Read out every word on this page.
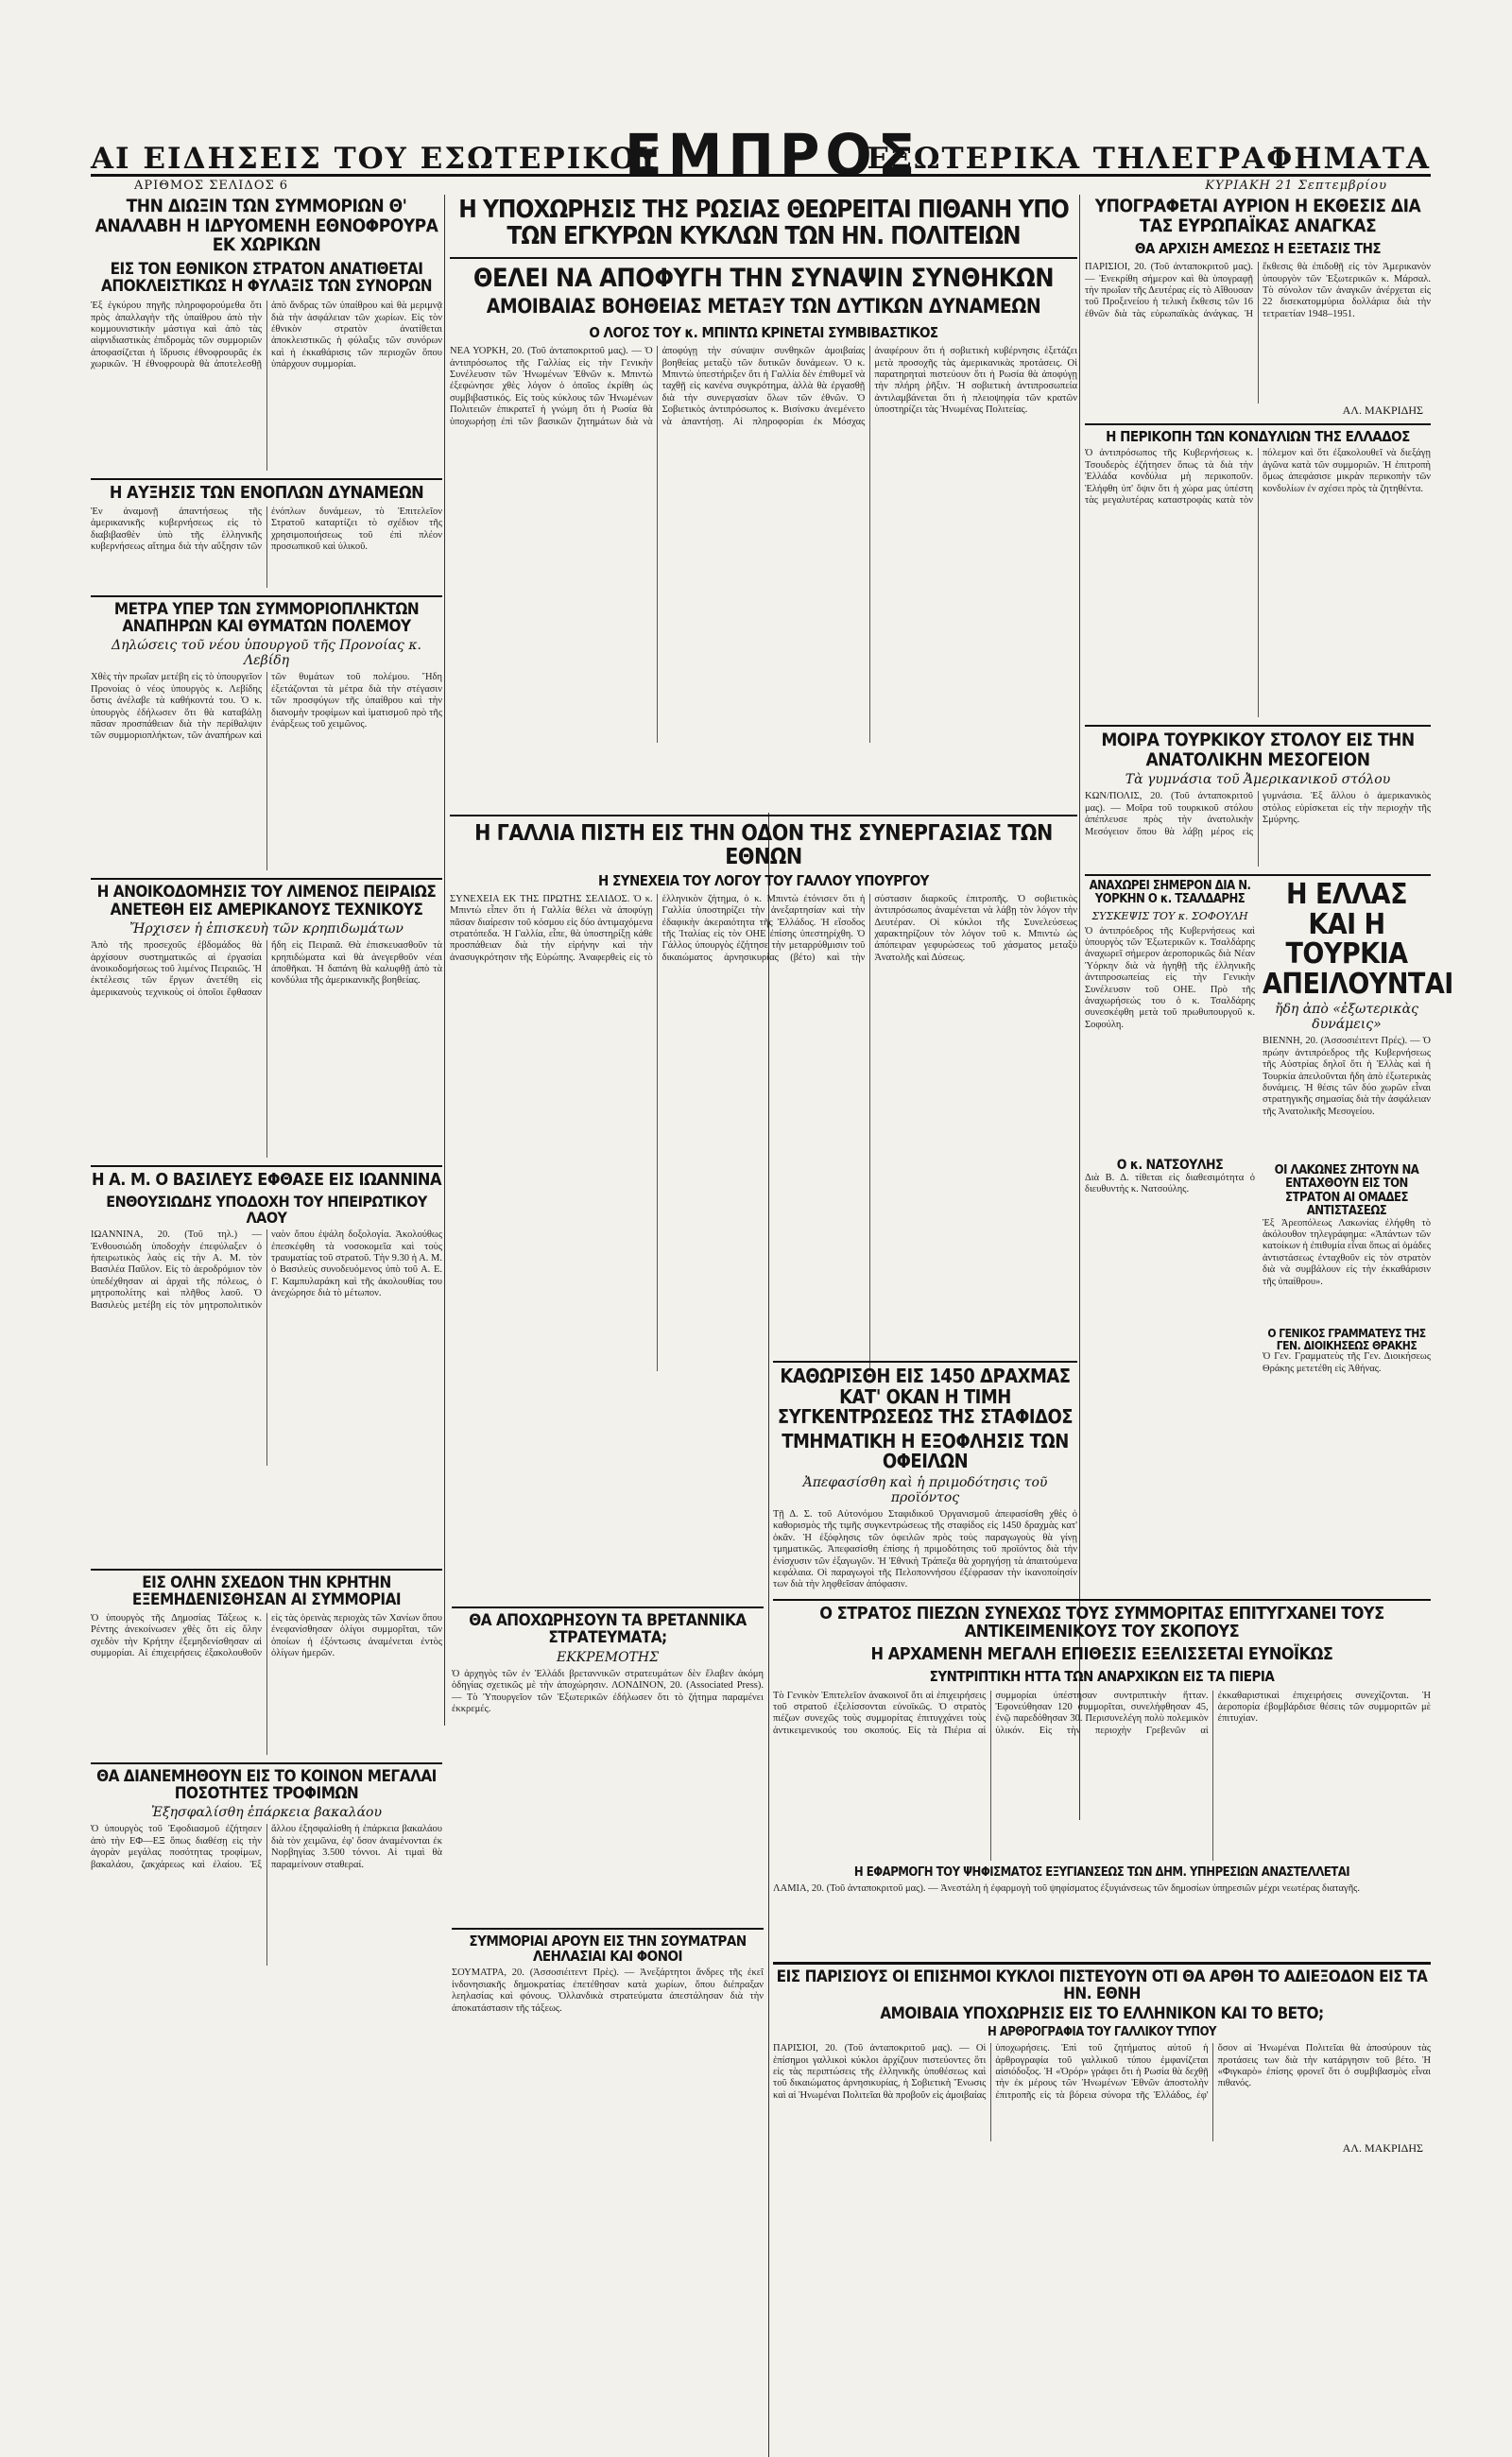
ΑΙ ΕΙΔΗΣΕΙΣ ΤΟΥ ΕΣΩΤΕΡΙΚΟΥ
ΕΜΠΡΟΣ
ΕΞΩΤΕΡΙΚΑ ΤΗΛΕΓΡΑΦΗΜΑΤΑ
ΑΡΙΘΜΟΣ ΣΕΛΙΔΟΣ 6	ΚΥΡΙΑΚΗ 21 Σεπτεμβρίου
ΤΗΝ ΔΙΩΞΙΝ ΤΩΝ ΣΥΜΜΟΡΙΩΝ Θ' ΑΝΑΛΑΒΗ Η ΙΔΡΥΟΜΕΝΗ ΕΘΝΟΦΡΟΥΡΑ ΕΚ ΧΩΡΙΚΩΝ
ΕΙΣ ΤΟΝ ΕΘΝΙΚΟΝ ΣΤΡΑΤΟΝ ΑΝΑΤΙΘΕΤΑΙ ΑΠΟΚΛΕΙΣΤΙΚΩΣ Η ΦΥΛΑΞΙΣ ΤΩΝ ΣΥΝΟΡΩΝ
Ἐξ ἐγκύρου πηγῆς πληροφορούμεθα ὅτι πρὸς ἀπαλλαγὴν τῆς ὑπαίθρου ἀπὸ τὴν κομμουνιστικὴν μάστιγα καὶ ἀπὸ τὰς αἱφνιδιαστικὰς ἐπιδρομὰς τῶν συμμοριῶν ἀποφασίζεται ἡ ἵδρυσις ἐθνοφρουρᾶς ἐκ χωρικῶν. Ἡ ἐθνοφρουρὰ θὰ ἀποτελεσθῇ ἀπὸ ἄνδρας τῶν ὑπαίθρου καὶ θὰ μεριμνᾷ διὰ τὴν ἀσφάλειαν τῶν χωρίων. Εἰς τὸν ἐθνικὸν στρατὸν ἀνατίθεται ἀποκλειστικῶς ἡ φύλαξις τῶν συνόρων καὶ ἡ ἐκκαθάρισις τῶν περιοχῶν ὅπου ὑπάρχουν συμμορίαι.
Η ΑΥΞΗΣΙΣ ΤΩΝ ΕΝΟΠΛΩΝ ΔΥΝΑΜΕΩΝ
Ἐν ἀναμονῇ ἀπαντήσεως τῆς ἀμερικανικῆς κυβερνήσεως εἰς τὸ διαβιβασθὲν ὑπὸ τῆς ἑλληνικῆς κυβερνήσεως αἴτημα διὰ τὴν αὔξησιν τῶν ἐνόπλων δυνάμεων, τὸ Ἐπιτελεῖον Στρατοῦ καταρτίζει τὸ σχέδιον τῆς χρησιμοποιήσεως τοῦ ἐπὶ πλέον προσωπικοῦ καὶ ὑλικοῦ.
ΜΕΤΡΑ ΥΠΕΡ ΤΩΝ ΣΥΜΜΟΡΙΟΠΛΗΚΤΩΝ ΑΝΑΠΗΡΩΝ ΚΑΙ ΘΥΜΑΤΩΝ ΠΟΛΕΜΟΥ
Δηλώσεις τοῦ νέου ὑπουργοῦ τῆς Προνοίας κ. Λεβίδη
Χθὲς τὴν πρωΐαν μετέβη εἰς τὸ ὑπουργεῖον Προνοίας ὁ νέος ὑπουργὸς κ. Λεβίδης ὅστις ἀνέλαβε τὰ καθήκοντά του. Ὁ κ. ὑπουργὸς ἐδήλωσεν ὅτι θὰ καταβάλῃ πᾶσαν προσπάθειαν διὰ τὴν περίθαλψιν τῶν συμμοριοπλήκτων, τῶν ἀναπήρων καὶ τῶν θυμάτων τοῦ πολέμου. Ἤδη ἐξετάζονται τὰ μέτρα διὰ τὴν στέγασιν τῶν προσφύγων τῆς ὑπαίθρου καὶ τὴν διανομὴν τροφίμων καὶ ἱματισμοῦ πρὸ τῆς ἐνάρξεως τοῦ χειμῶνος.
Η ΑΝΟΙΚΟΔΟΜΗΣΙΣ ΤΟΥ ΛΙΜΕΝΟΣ ΠΕΙΡΑΙΩΣ ΑΝΕΤΕΘΗ ΕΙΣ ΑΜΕΡΙΚΑΝΟΥΣ ΤΕΧΝΙΚΟΥΣ
Ἤρχισεν ἡ ἐπισκευὴ τῶν κρηπιδωμάτων
Ἀπὸ τῆς προσεχοῦς ἑβδομάδος θὰ ἀρχίσουν συστηματικῶς αἱ ἐργασίαι ἀνοικοδομήσεως τοῦ λιμένος Πειραιῶς. Ἡ ἐκτέλεσις τῶν ἔργων ἀνετέθη εἰς ἀμερικανοὺς τεχνικοὺς οἱ ὁποῖοι ἔφθασαν ἤδη εἰς Πειραιᾶ. Θὰ ἐπισκευασθοῦν τὰ κρηπιδώματα καὶ θὰ ἀνεγερθοῦν νέαι ἀποθῆκαι. Ἡ δαπάνη θὰ καλυφθῇ ἀπὸ τὰ κονδύλια τῆς ἀμερικανικῆς βοηθείας.
Η Α. Μ. Ο ΒΑΣΙΛΕΥΣ ΕΦΘΑΣΕ ΕΙΣ ΙΩΑΝΝΙΝΑ
ΕΝΘΟΥΣΙΩΔΗΣ ΥΠΟΔΟΧΗ ΤΟΥ ΗΠΕΙΡΩΤΙΚΟΥ ΛΑΟΥ
ΙΩΑΝΝΙΝΑ, 20. (Τοῦ τηλ.) — Ἐνθουσιώδη ὑποδοχὴν ἐπεφύλαξεν ὁ ἠπειρωτικὸς λαὸς εἰς τὴν Α. Μ. τὸν Βασιλέα Παῦλον. Εἰς τὸ ἀεροδρόμιον τὸν ὑπεδέχθησαν αἱ ἀρχαὶ τῆς πόλεως, ὁ μητροπολίτης καὶ πλῆθος λαοῦ. Ὁ Βασιλεὺς μετέβη εἰς τὸν μητροπολιτικὸν ναὸν ὅπου ἐψάλη δοξολογία. Ἀκολούθως ἐπεσκέφθη τὰ νοσοκομεῖα καὶ τοὺς τραυματίας τοῦ στρατοῦ. Τὴν 9.30 ἡ Α. Μ. ὁ Βασιλεὺς συνοδευόμενος ὑπὸ τοῦ Α. Ε. Γ. Καμπυλαράκη καὶ τῆς ἀκολουθίας του ἀνεχώρησε διὰ τὸ μέτωπον.
ΕΙΣ ΟΛΗΝ ΣΧΕΔΟΝ ΤΗΝ ΚΡΗΤΗΝ ΕΞΕΜΗΔΕΝΙΣΘΗΣΑΝ ΑΙ ΣΥΜΜΟΡΙΑΙ
Ὁ ὑπουργὸς τῆς Δημοσίας Τάξεως κ. Ρέντης ἀνεκοίνωσεν χθὲς ὅτι εἰς ὅλην σχεδὸν τὴν Κρήτην ἐξεμηδενίσθησαν αἱ συμμορίαι. Αἱ ἐπιχειρήσεις ἐξακολουθοῦν εἰς τὰς ὀρεινὰς περιοχὰς τῶν Χανίων ὅπου ἐνεφανίσθησαν ὀλίγοι συμμορῖται, τῶν ὁποίων ἡ ἐξόντωσις ἀναμένεται ἐντὸς ὀλίγων ἡμερῶν.
ΘΑ ΔΙΑΝΕΜΗΘΟΥΝ ΕΙΣ ΤΟ ΚΟΙΝΟΝ ΜΕΓΑΛΑΙ ΠΟΣΟΤΗΤΕΣ ΤΡΟΦΙΜΩΝ
Ἐξησφαλίσθη ἐπάρκεια βακαλάου
Ὁ ὑπουργὸς τοῦ Ἐφοδιασμοῦ ἐζήτησεν ἀπὸ τὴν ΕΦ—ΕΞ ὅπως διαθέσῃ εἰς τὴν ἀγορὰν μεγάλας ποσότητας τροφίμων, βακαλάου, ζακχάρεως καὶ ἐλαίου. Ἐξ ἄλλου ἐξησφαλίσθη ἡ ἐπάρκεια βακαλάου διὰ τὸν χειμῶνα, ἐφ' ὅσον ἀναμένονται ἐκ Νορβηγίας 3.500 τόννοι. Αἱ τιμαὶ θὰ παραμείνουν σταθεραί.
ΣΥΜΜΟΡΙΑΙ ΑΡΟΥΝ ΕΙΣ ΤΗΝ ΣΟΥΜΑΤΡΑΝ ΛΕΗΛΑΣΙΑΙ ΚΑΙ ΦΟΝΟΙ
ΣΟΥΜΑΤΡΑ, 20. (Ἀσσοσιέιτεντ Πρὲς). — Ἀνεξάρτητοι ἄνδρες τῆς ἐκεῖ ἰνδονησιακῆς δημοκρατίας ἐπετέθησαν κατὰ χωρίων, ὅπου διέπραξαν λεηλασίας καὶ φόνους. Ὀλλανδικὰ στρατεύματα ἀπεστάλησαν διὰ τὴν ἀποκατάστασιν τῆς τάξεως.
Η ΥΠΟΧΩΡΗΣΙΣ ΤΗΣ ΡΩΣΙΑΣ ΘΕΩΡΕΙΤΑΙ ΠΙΘΑΝΗ ΥΠΟ ΤΩΝ ΕΓΚΥΡΩΝ ΚΥΚΛΩΝ ΤΩΝ ΗΝ. ΠΟΛΙΤΕΙΩΝ
ΘΕΛΕΙ ΝΑ ΑΠΟΦΥΓΗ ΤΗΝ ΣΥΝΑΨΙΝ ΣΥΝΘΗΚΩΝ
ΑΜΟΙΒΑΙΑΣ ΒΟΗΘΕΙΑΣ ΜΕΤΑΞΥ ΤΩΝ ΔΥΤΙΚΩΝ ΔΥΝΑΜΕΩΝ
Ο ΛΟΓΟΣ ΤΟΥ κ. ΜΠΙΝΤΩ ΚΡΙΝΕΤΑΙ ΣΥΜΒΙΒΑΣΤΙΚΟΣ
ΝΕΑ ΥΟΡΚΗ, 20. (Τοῦ ἀνταποκριτοῦ μας). — Ὁ ἀντιπρόσωπος τῆς Γαλλίας εἰς τὴν Γενικὴν Συνέλευσιν τῶν Ἡνωμένων Ἐθνῶν κ. Μπιντὼ ἐξεφώνησε χθὲς λόγον ὁ ὁποῖος ἐκρίθη ὡς συμβιβαστικός. Εἰς τοὺς κύκλους τῶν Ἡνωμένων Πολιτειῶν ἐπικρατεῖ ἡ γνώμη ὅτι ἡ Ρωσία θὰ ὑποχωρήσῃ ἐπὶ τῶν βασικῶν ζητημάτων διὰ νὰ ἀποφύγῃ τὴν σύναψιν συνθηκῶν ἀμοιβαίας βοηθείας μεταξὺ τῶν δυτικῶν δυνάμεων. Ὁ κ. Μπιντὼ ὑπεστήριξεν ὅτι ἡ Γαλλία δὲν ἐπιθυμεῖ νὰ ταχθῇ εἰς κανένα συγκρότημα, ἀλλὰ θὰ ἐργασθῇ διὰ τὴν συνεργασίαν ὅλων τῶν ἐθνῶν. Ὁ Σοβιετικὸς ἀντιπρόσωπος κ. Βισίνσκυ ἀνεμένετο νὰ ἀπαντήσῃ. Αἱ πληροφορίαι ἐκ Μόσχας ἀναφέρουν ὅτι ἡ σοβιετικὴ κυβέρνησις ἐξετάζει μετὰ προσοχῆς τὰς ἀμερικανικὰς προτάσεις. Οἱ παρατηρηταὶ πιστεύουν ὅτι ἡ Ρωσία θὰ ἀποφύγῃ τὴν πλήρη ῥῆξιν. Ἡ σοβιετικὴ ἀντιπροσωπεία ἀντιλαμβάνεται ὅτι ἡ πλειοψηφία τῶν κρατῶν ὑποστηρίζει τὰς Ἡνωμένας Πολιτείας.
Η ΓΑΛΛΙΑ ΠΙΣΤΗ ΕΙΣ ΤΗΝ ΟΔΟΝ ΤΗΣ ΣΥΝΕΡΓΑΣΙΑΣ ΤΩΝ ΕΘΝΩΝ
Η ΣΥΝΕΧΕΙΑ ΤΟΥ ΛΟΓΟΥ ΤΟΥ ΓΑΛΛΟΥ ΥΠΟΥΡΓΟΥ
ΣΥΝΕΧΕΙΑ ΕΚ ΤΗΣ ΠΡΩΤΗΣ ΣΕΛΙΔΟΣ. Ὁ κ. Μπιντὼ εἶπεν ὅτι ἡ Γαλλία θέλει νὰ ἀποφύγῃ πᾶσαν διαίρεσιν τοῦ κόσμου εἰς δύο ἀντιμαχόμενα στρατόπεδα. Ἡ Γαλλία, εἶπε, θὰ ὑποστηρίξῃ κάθε προσπάθειαν διὰ τὴν εἰρήνην καὶ τὴν ἀνασυγκρότησιν τῆς Εὐρώπης. Ἀναφερθεὶς εἰς τὸ ἑλληνικὸν ζήτημα, ὁ κ. Μπιντὼ ἐτόνισεν ὅτι ἡ Γαλλία ὑποστηρίζει τὴν ἀνεξαρτησίαν καὶ τὴν ἐδαφικὴν ἀκεραιότητα τῆς Ἑλλάδος. Ἡ εἴσοδος τῆς Ἰταλίας εἰς τὸν ΟΗΕ ἐπίσης ὑπεστηρίχθη. Ὁ Γάλλος ὑπουργὸς ἐζήτησε τὴν μεταρρύθμισιν τοῦ δικαιώματος ἀρνησικυρίας (βέτο) καὶ τὴν σύστασιν διαρκοῦς ἐπιτροπῆς. Ὁ σοβιετικὸς ἀντιπρόσωπος ἀναμένεται νὰ λάβῃ τὸν λόγον τὴν Δευτέραν. Οἱ κύκλοι τῆς Συνελεύσεως χαρακτηρίζουν τὸν λόγον τοῦ κ. Μπιντὼ ὡς ἀπόπειραν γεφυρώσεως τοῦ χάσματος μεταξὺ Ἀνατολῆς καὶ Δύσεως.
ΚΑΘΩΡΙΣΘΗ ΕΙΣ 1450 ΔΡΑΧΜΑΣ ΚΑΤ' ΟΚΑΝ Η ΤΙΜΗ ΣΥΓΚΕΝΤΡΩΣΕΩΣ ΤΗΣ ΣΤΑΦΙΔΟΣ
ΤΜΗΜΑΤΙΚΗ Η ΕΞΟΦΛΗΣΙΣ ΤΩΝ ΟΦΕΙΛΩΝ
Ἀπεφασίσθη καὶ ἡ πριμοδότησις τοῦ προϊόντος
Τῇ Δ. Σ. τοῦ Αὐτονόμου Σταφιδικοῦ Ὀργανισμοῦ ἀπεφασίσθη χθὲς ὁ καθορισμὸς τῆς τιμῆς συγκεντρώσεως τῆς σταφίδος εἰς 1450 δραχμὰς κατ' ὀκᾶν. Ἡ ἐξόφλησις τῶν ὀφειλῶν πρὸς τοὺς παραγωγοὺς θὰ γίνῃ τμηματικῶς. Ἀπεφασίσθη ἐπίσης ἡ πριμοδότησις τοῦ προϊόντος διὰ τὴν ἐνίσχυσιν τῶν ἐξαγωγῶν. Ἡ Ἐθνικὴ Τράπεζα θὰ χορηγήσῃ τὰ ἀπαιτούμενα κεφάλαια. Οἱ παραγωγοὶ τῆς Πελοποννήσου ἐξέφρασαν τὴν ἱκανοποίησίν των διὰ τὴν ληφθεῖσαν ἀπόφασιν.
ΘΑ ΑΠΟΧΩΡΗΣΟΥΝ ΤΑ ΒΡΕΤΑΝΝΙΚΑ ΣΤΡΑΤΕΥΜΑΤΑ;
ΕΚΚΡΕΜΟΤΗΣ
Ὁ ἀρχηγὸς τῶν ἐν Ἑλλάδι βρεταννικῶν στρατευμάτων δὲν ἔλαβεν ἀκόμη ὁδηγίας σχετικῶς μὲ τὴν ἀποχώρησιν. ΛΟΝΔΙΝΟΝ, 20. (Associated Press). — Τὸ Ὑπουργεῖον τῶν Ἐξωτερικῶν ἐδήλωσεν ὅτι τὸ ζήτημα παραμένει ἐκκρεμές.
Ο ΣΤΡΑΤΟΣ ΠΙΕΖΩΝ ΣΥΝΕΧΩΣ ΤΟΥΣ ΣΥΜΜΟΡΙΤΑΣ ΕΠΙΤΥΓΧΑΝΕΙ ΤΟΥΣ ΑΝΤΙΚΕΙΜΕΝΙΚΟΥΣ ΤΟΥ ΣΚΟΠΟΥΣ
Η ΑΡΧΑΜΕΝΗ ΜΕΓΑΛΗ ΕΠΙΘΕΣΙΣ ΕΞΕΛΙΣΣΕΤΑΙ ΕΥΝΟΪΚΩΣ
ΣΥΝΤΡΙΠΤΙΚΗ ΗΤΤΑ ΤΩΝ ΑΝΑΡΧΙΚΩΝ ΕΙΣ ΤΑ ΠΙΕΡΙΑ
Τὸ Γενικὸν Ἐπιτελεῖον ἀνακοινοῖ ὅτι αἱ ἐπιχειρήσεις τοῦ στρατοῦ ἐξελίσσονται εὐνοϊκῶς. Ὁ στρατὸς πιέζων συνεχῶς τοὺς συμμορίτας ἐπιτυγχάνει τοὺς ἀντικειμενικούς του σκοπούς. Εἰς τὰ Πιέρια αἱ συμμορίαι ὑπέστησαν συντριπτικὴν ἥτταν. Ἐφονεύθησαν 120 συμμορῖται, συνελήφθησαν 45, ἐνῷ παρεδόθησαν 30. Περισυνελέγη πολὺ πολεμικὸν ὑλικόν. Εἰς τὴν περιοχὴν Γρεβενῶν αἱ ἐκκαθαριστικαὶ ἐπιχειρήσεις συνεχίζονται. Ἡ ἀεροπορία ἐβομβάρδισε θέσεις τῶν συμμοριτῶν μὲ ἐπιτυχίαν.
Η ΕΦΑΡΜΟΓΗ ΤΟΥ ΨΗΦΙΣΜΑΤΟΣ ΕΞΥΓΙΑΝΣΕΩΣ ΤΩΝ ΔΗΜ. ΥΠΗΡΕΣΙΩΝ ΑΝΑΣΤΕΛΛΕΤΑΙ
ΛΑΜΙΑ, 20. (Τοῦ ἀνταποκριτοῦ μας). — Ἀνεστάλη ἡ ἐφαρμογὴ τοῦ ψηφίσματος ἐξυγιάνσεως τῶν δημοσίων ὑπηρεσιῶν μέχρι νεωτέρας διαταγῆς.
ΥΠΟΓΡΑΦΕΤΑΙ ΑΥΡΙΟΝ Η ΕΚΘΕΣΙΣ ΔΙΑ ΤΑΣ ΕΥΡΩΠΑΪΚΑΣ ΑΝΑΓΚΑΣ
ΘΑ ΑΡΧΙΣΗ ΑΜΕΣΩΣ Η ΕΞΕΤΑΣΙΣ ΤΗΣ
ΠΑΡΙΣΙΟΙ, 20. (Τοῦ ἀνταποκριτοῦ μας). — Ἐνεκρίθη σήμερον καὶ θὰ ὑπογραφῇ τὴν πρωΐαν τῆς Δευτέρας εἰς τὸ Αἴθουσαν τοῦ Προξενείου ἡ τελικὴ ἔκθεσις τῶν 16 ἐθνῶν διὰ τὰς εὐρωπαϊκὰς ἀνάγκας. Ἡ ἔκθεσις θὰ ἐπιδοθῇ εἰς τὸν Ἀμερικανὸν ὑπουργὸν τῶν Ἐξωτερικῶν κ. Μάρσαλ. Τὸ σύνολον τῶν ἀναγκῶν ἀνέρχεται εἰς 22 δισεκατομμύρια δολλάρια διὰ τὴν τετραετίαν 1948–1951.
ΑΛ. ΜΑΚΡΙΔΗΣ
Η ΠΕΡΙΚΟΠΗ ΤΩΝ ΚΟΝΔΥΛΙΩΝ ΤΗΣ ΕΛΛΑΔΟΣ
Ὁ ἀντιπρόσωπος τῆς Κυβερνήσεως κ. Τσουδερὸς ἐζήτησεν ὅπως τὰ διὰ τὴν Ἑλλάδα κονδύλια μὴ περικοποῦν. Ἐλήφθη ὑπ' ὄψιν ὅτι ἡ χώρα μας ὑπέστη τὰς μεγαλυτέρας καταστροφὰς κατὰ τὸν πόλεμον καὶ ὅτι ἐξακολουθεῖ νὰ διεξάγῃ ἀγῶνα κατὰ τῶν συμμοριῶν. Ἡ ἐπιτροπὴ ὅμως ἀπεφάσισε μικρὰν περικοπὴν τῶν κονδυλίων ἐν σχέσει πρὸς τὰ ζητηθέντα.
ΜΟΙΡΑ ΤΟΥΡΚΙΚΟΥ ΣΤΟΛΟΥ ΕΙΣ ΤΗΝ ΑΝΑΤΟΛΙΚΗΝ ΜΕΣΟΓΕΙΟΝ
Τὰ γυμνάσια τοῦ Ἀμερικανικοῦ στόλου
ΚΩΝ/ΠΟΛΙΣ, 20. (Τοῦ ἀνταποκριτοῦ μας). — Μοῖρα τοῦ τουρκικοῦ στόλου ἀπέπλευσε πρὸς τὴν ἀνατολικὴν Μεσόγειον ὅπου θὰ λάβῃ μέρος εἰς γυμνάσια. Ἐξ ἄλλου ὁ ἀμερικανικὸς στόλος εὑρίσκεται εἰς τὴν περιοχὴν τῆς Σμύρνης.
ΑΝΑΧΩΡΕΙ ΣΗΜΕΡΟΝ ΔΙΑ Ν. ΥΟΡΚΗΝ Ο κ. ΤΣΑΛΔΑΡΗΣ
ΣΥΣΚΕΨΙΣ ΤΟΥ κ. ΣΟΦΟΥΛΗ
Ὁ ἀντιπρόεδρος τῆς Κυβερνήσεως καὶ ὑπουργὸς τῶν Ἐξωτερικῶν κ. Τσαλδάρης ἀναχωρεῖ σήμερον ἀεροπορικῶς διὰ Νέαν Ὑόρκην διὰ νὰ ἡγηθῇ τῆς ἑλληνικῆς ἀντιπροσωπείας εἰς τὴν Γενικὴν Συνέλευσιν τοῦ ΟΗΕ. Πρὸ τῆς ἀναχωρήσεώς του ὁ κ. Τσαλδάρης συνεσκέφθη μετὰ τοῦ πρωθυπουργοῦ κ. Σοφούλη.
Ο κ. ΝΑΤΣΟΥΛΗΣ
Διὰ Β. Δ. τίθεται εἰς διαθεσιμότητα ὁ διευθυντὴς κ. Νατσούλης.
Η ΕΛΛΑΣ ΚΑΙ Η ΤΟΥΡΚΙΑ ΑΠΕΙΛΟΥΝΤΑΙ
ἤδη ἀπὸ «ἐξωτερικὰς δυνάμεις»
ΒΙΕΝΝΗ, 20. (Ἀσσοσιέιτεντ Πρές). — Ὁ πρώην ἀντιπρόεδρος τῆς Κυβερνήσεως τῆς Αὐστρίας δηλοῖ ὅτι ἡ Ἑλλὰς καὶ ἡ Τουρκία ἀπειλοῦνται ἤδη ἀπὸ ἐξωτερικὰς δυνάμεις. Ἡ θέσις τῶν δύο χωρῶν εἶναι στρατηγικῆς σημασίας διὰ τὴν ἀσφάλειαν τῆς Ἀνατολικῆς Μεσογείου.
ΟΙ ΛΑΚΩΝΕΣ ΖΗΤΟΥΝ ΝΑ ΕΝΤΑΧΘΟΥΝ ΕΙΣ ΤΟΝ ΣΤΡΑΤΟΝ ΑΙ ΟΜΑΔΕΣ ΑΝΤΙΣΤΑΣΕΩΣ
Ἐξ Ἀρεοπόλεως Λακωνίας ἐλήφθη τὸ ἀκόλουθον τηλεγράφημα: «Ἀπάντων τῶν κατοίκων ἡ ἐπιθυμία εἶναι ὅπως αἱ ὁμάδες ἀντιστάσεως ἐνταχθοῦν εἰς τὸν στρατὸν διὰ νὰ συμβάλουν εἰς τὴν ἐκκαθάρισιν τῆς ὑπαίθρου».
Ο ΓΕΝΙΚΟΣ ΓΡΑΜΜΑΤΕΥΣ ΤΗΣ ΓΕΝ. ΔΙΟΙΚΗΣΕΩΣ ΘΡΑΚΗΣ
Ὁ Γεν. Γραμματεὺς τῆς Γεν. Διοικήσεως Θράκης μετετέθη εἰς Ἀθήνας.
ΕΙΣ ΠΑΡΙΣΙΟΥΣ ΟΙ ΕΠΙΣΗΜΟΙ ΚΥΚΛΟΙ ΠΙΣΤΕΥΟΥΝ ΟΤΙ ΘΑ ΑΡΘΗ ΤΟ ΑΔΙΕΞΟΔΟΝ ΕΙΣ ΤΑ ΗΝ. ΕΘΝΗ
ΑΜΟΙΒΑΙΑ ΥΠΟΧΩΡΗΣΙΣ ΕΙΣ ΤΟ ΕΛΛΗΝΙΚΟΝ ΚΑΙ ΤΟ ΒΕΤΟ;
Η ΑΡΘΡΟΓΡΑΦΙΑ ΤΟΥ ΓΑΛΛΙΚΟΥ ΤΥΠΟΥ
ΠΑΡΙΣΙΟΙ, 20. (Τοῦ ἀνταποκριτοῦ μας). — Οἱ ἐπίσημοι γαλλικοὶ κύκλοι ἀρχίζουν πιστεύοντες ὅτι εἰς τὰς περιπτώσεις τῆς ἑλληνικῆς ὑποθέσεως καὶ τοῦ δικαιώματος ἀρνησικυρίας, ἡ Σοβιετικὴ Ἕνωσις καὶ αἱ Ἡνωμέναι Πολιτεῖαι θὰ προβοῦν εἰς ἀμοιβαίας ὑποχωρήσεις. Ἐπὶ τοῦ ζητήματος αὐτοῦ ἡ ἀρθρογραφία τοῦ γαλλικοῦ τύπου ἐμφανίζεται αἰσιόδοξος. Ἡ «Ὀρόρ» γράφει ὅτι ἡ Ρωσία θὰ δεχθῇ τὴν ἐκ μέρους τῶν Ἡνωμένων Ἐθνῶν ἀποστολὴν ἐπιτροπῆς εἰς τὰ βόρεια σύνορα τῆς Ἑλλάδος, ἐφ' ὅσον αἱ Ἡνωμέναι Πολιτεῖαι θὰ ἀποσύρουν τὰς προτάσεις των διὰ τὴν κατάργησιν τοῦ βέτο. Ἡ «Φιγκαρὸ» ἐπίσης φρονεῖ ὅτι ὁ συμβιβασμὸς εἶναι πιθανός.
ΑΛ. ΜΑΚΡΙΔΗΣ
